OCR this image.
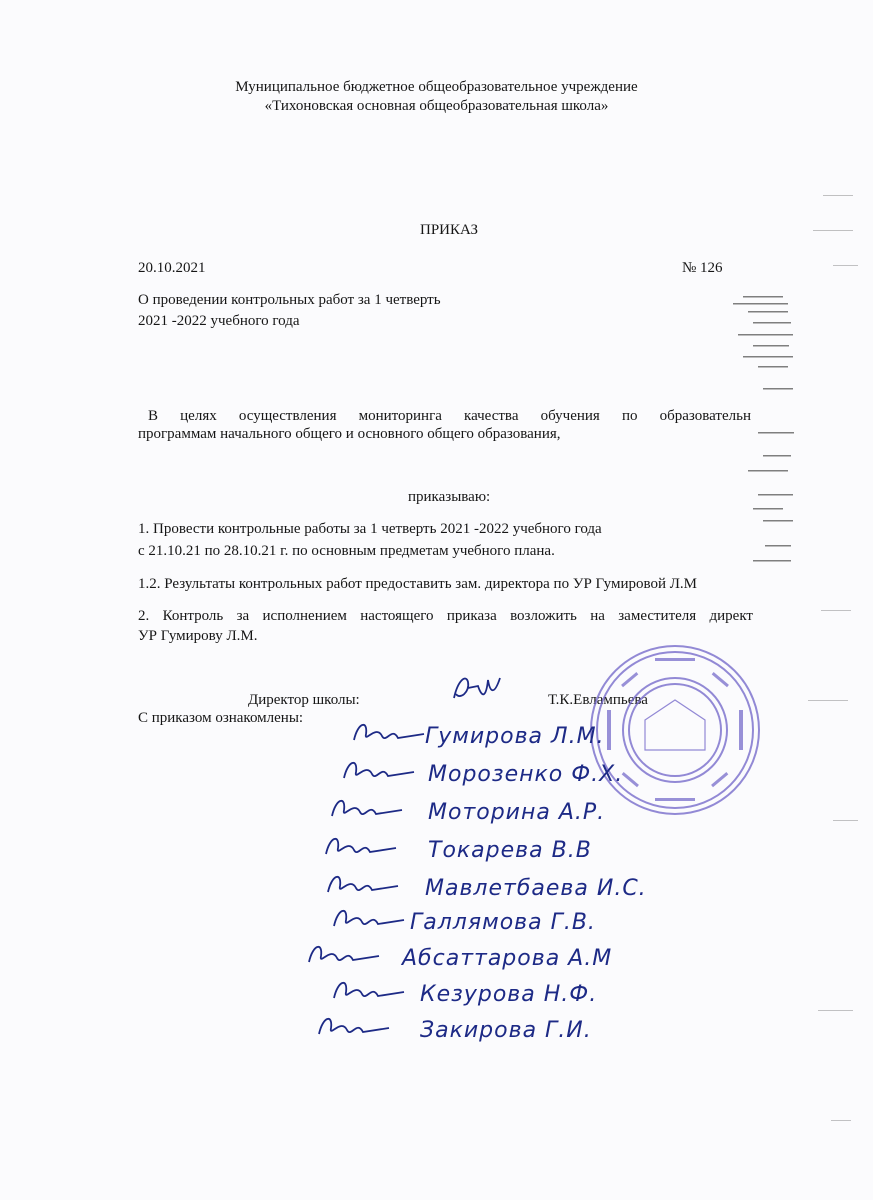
Муниципальное бюджетное общеобразовательное учреждение
«Тихоновская основная общеобразовательная школа»
ПРИКАЗ
20.10.2021	№ 126
О проведении контрольных работ за 1 четверть
2021 -2022 учебного года
В целях осуществления мониторинга качества обучения по образовательн
программам начального общего и основного общего образования,
приказываю:
1. Провести контрольные работы за 1 четверть 2021 -2022 учебного года
с 21.10.21 по 28.10.21 г. по основным предметам учебного плана.
1.2. Результаты контрольных работ предоставить зам. директора по УР Гумировой Л.М
2. Контроль за исполнением настоящего приказа возложить на заместителя директ
УР Гумирову Л.М.
Директор школы:	Т.К.Евлампьева
С приказом ознакомлены:
Гумирова Л.М.
Морозенко Ф.Х.
Моторина А.Р.
Токарева В.В
Мавлетбаева И.С.
Галлямова Г.В.
Абсаттарова А.М
Кезурова Н.Ф.
Закирова Г.И.
